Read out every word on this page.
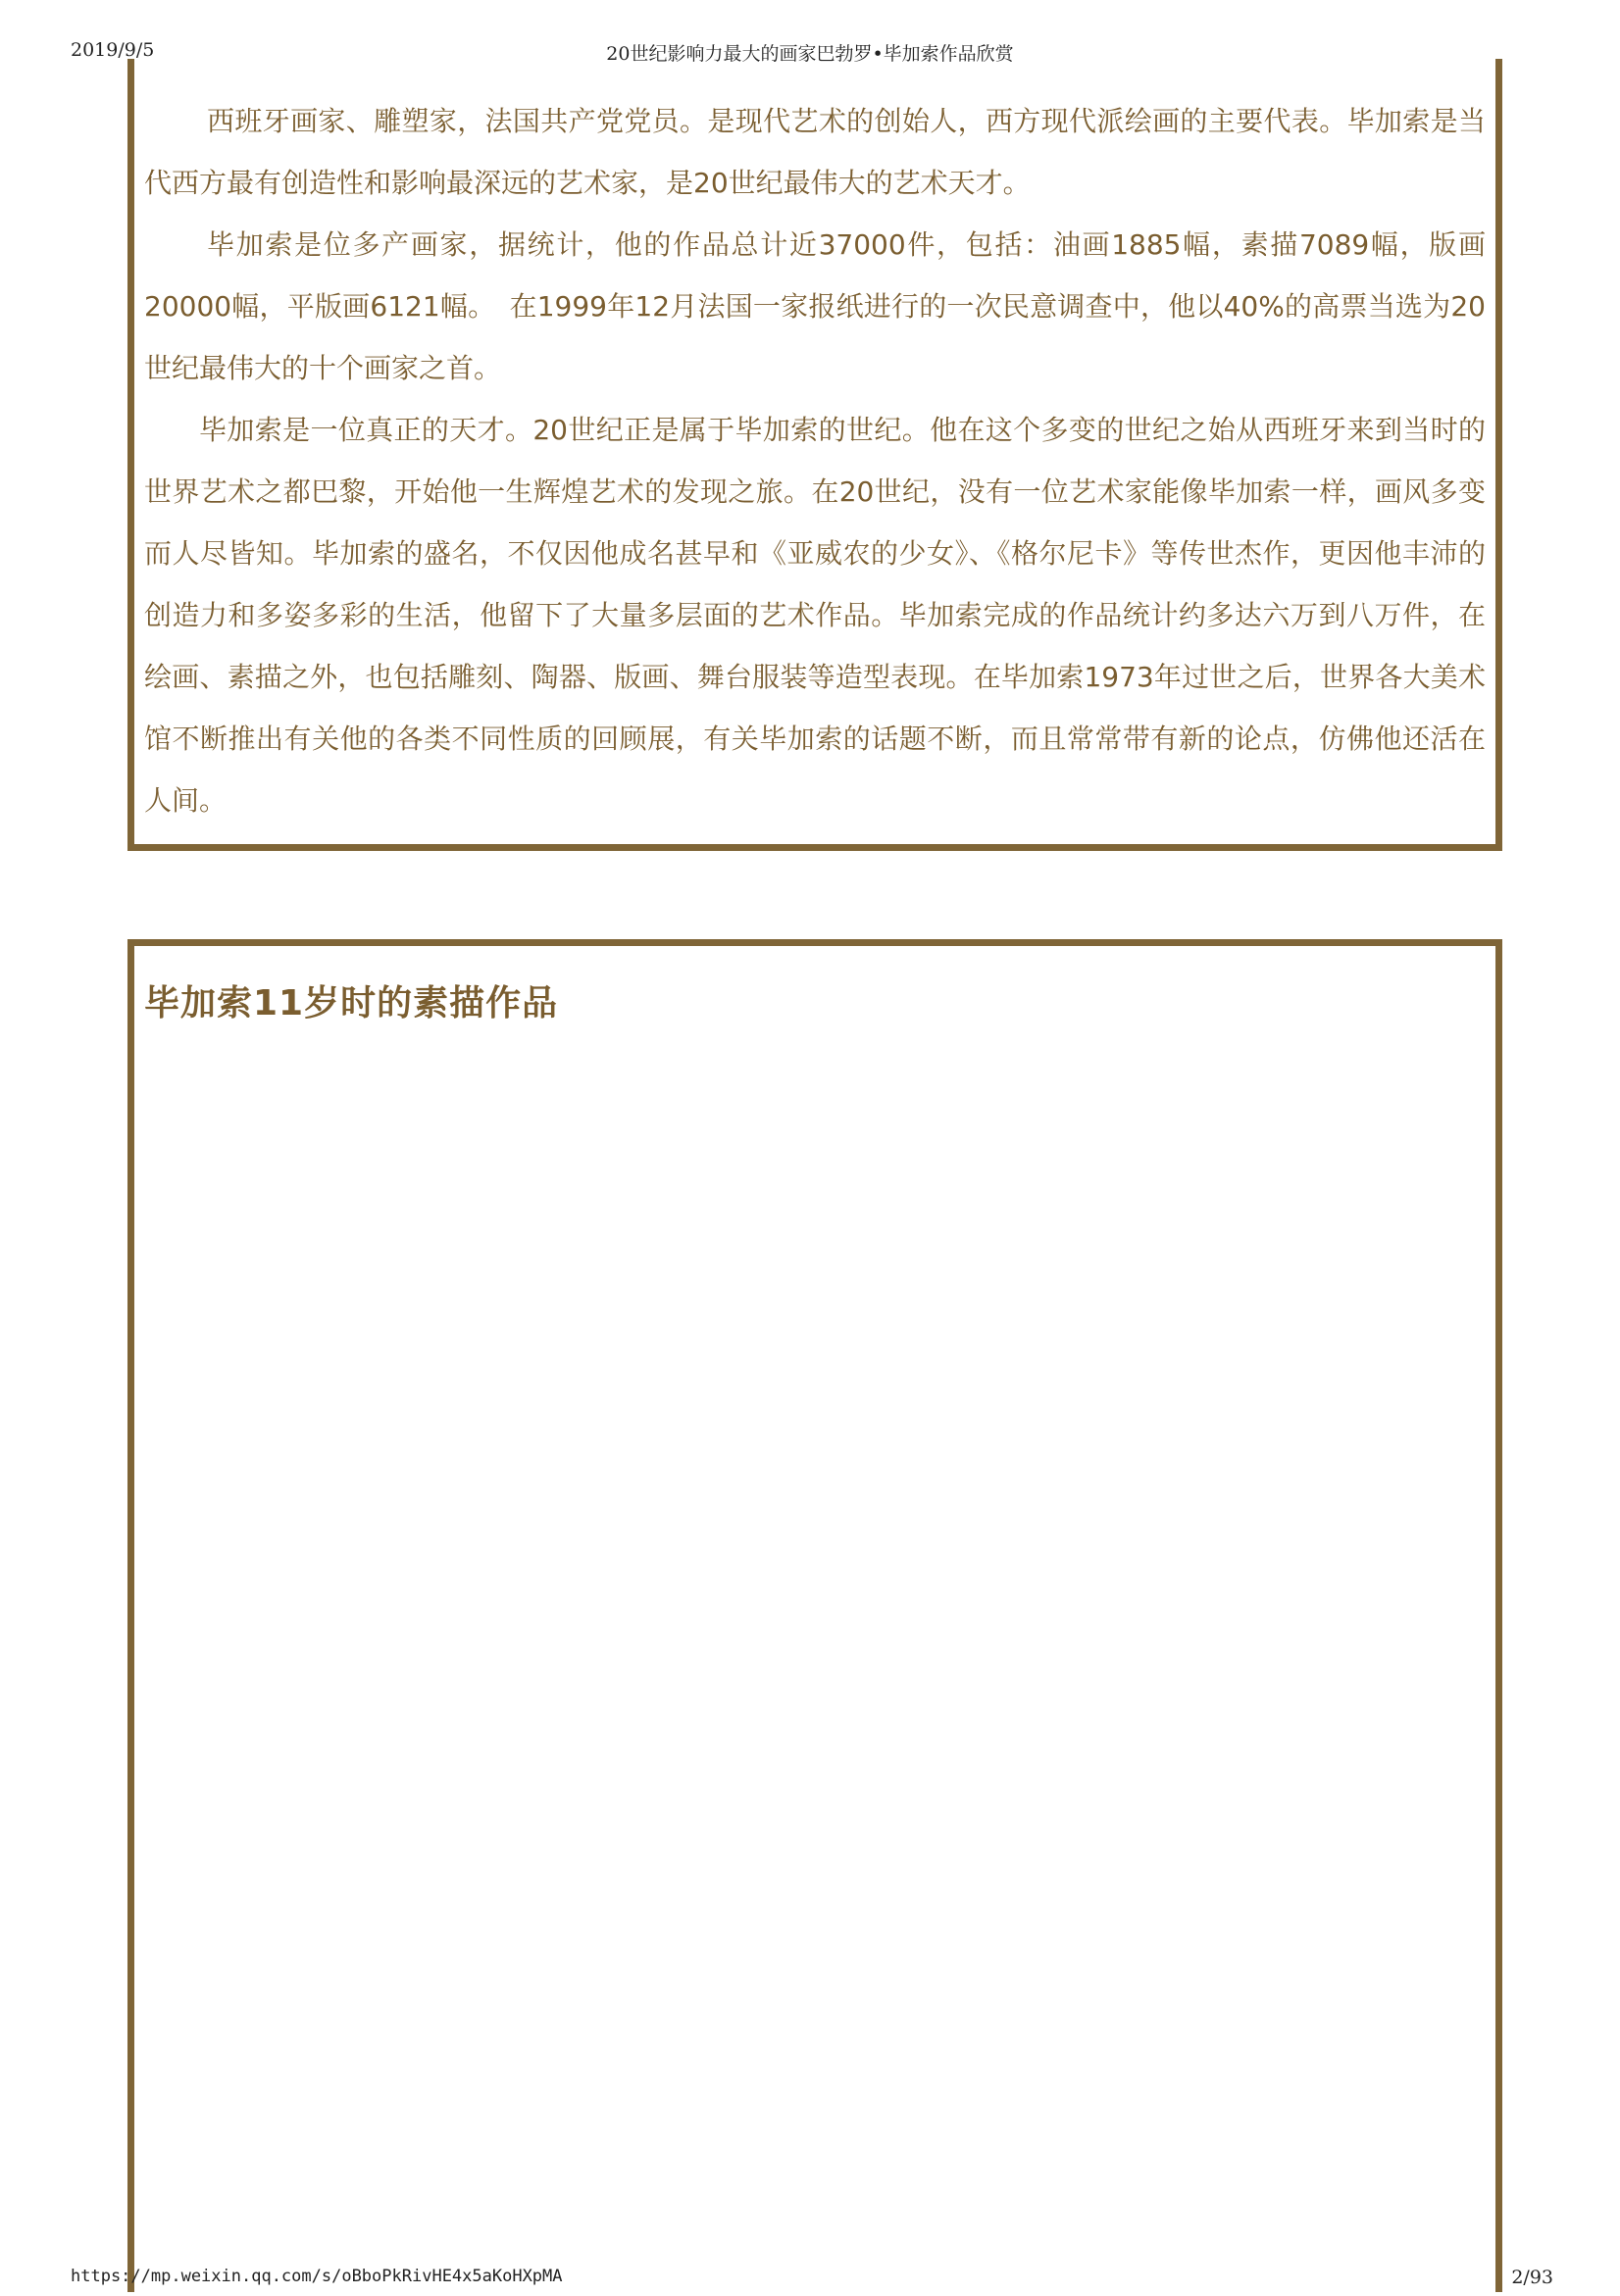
2019/9/5	20世纪影响力最大的画家巴勃罗•毕加索作品欣赏

西班牙画家、雕塑家，法国共产党党员。是现代艺术的创始人，西方现代派绘画的主要代表。毕加索是当代西方最有创造性和影响最深远的艺术家，是20世纪最伟大的艺术天才。

毕加索是位多产画家，据统计，他的作品总计近37000件，包括：油画1885幅，素描7089幅，版画20000幅，平版画6121幅。　在1999年12月法国一家报纸进行的一次民意调查中，他以40%的高票当选为20世纪最伟大的十个画家之首。

毕加索是一位真正的天才。20世纪正是属于毕加索的世纪。他在这个多变的世纪之始从西班牙来到当时的世界艺术之都巴黎，开始他一生辉煌艺术的发现之旅。在20世纪，没有一位艺术家能像毕加索一样，画风多变而人尽皆知。毕加索的盛名，不仅因他成名甚早和《亚威农的少女》、《格尔尼卡》等传世杰作，更因他丰沛的创造力和多姿多彩的生活，他留下了大量多层面的艺术作品。毕加索完成的作品统计约多达六万到八万件，在绘画、素描之外，也包括雕刻、陶器、版画、舞台服装等造型表现。在毕加索1973年过世之后，世界各大美术馆不断推出有关他的各类不同性质的回顾展，有关毕加索的话题不断，而且常常带有新的论点，仿佛他还活在人间。

毕加索11岁时的素描作品
https://mp.weixin.qq.com/s/oBboPkRivHE4x5aKoHXpMA	2/93
